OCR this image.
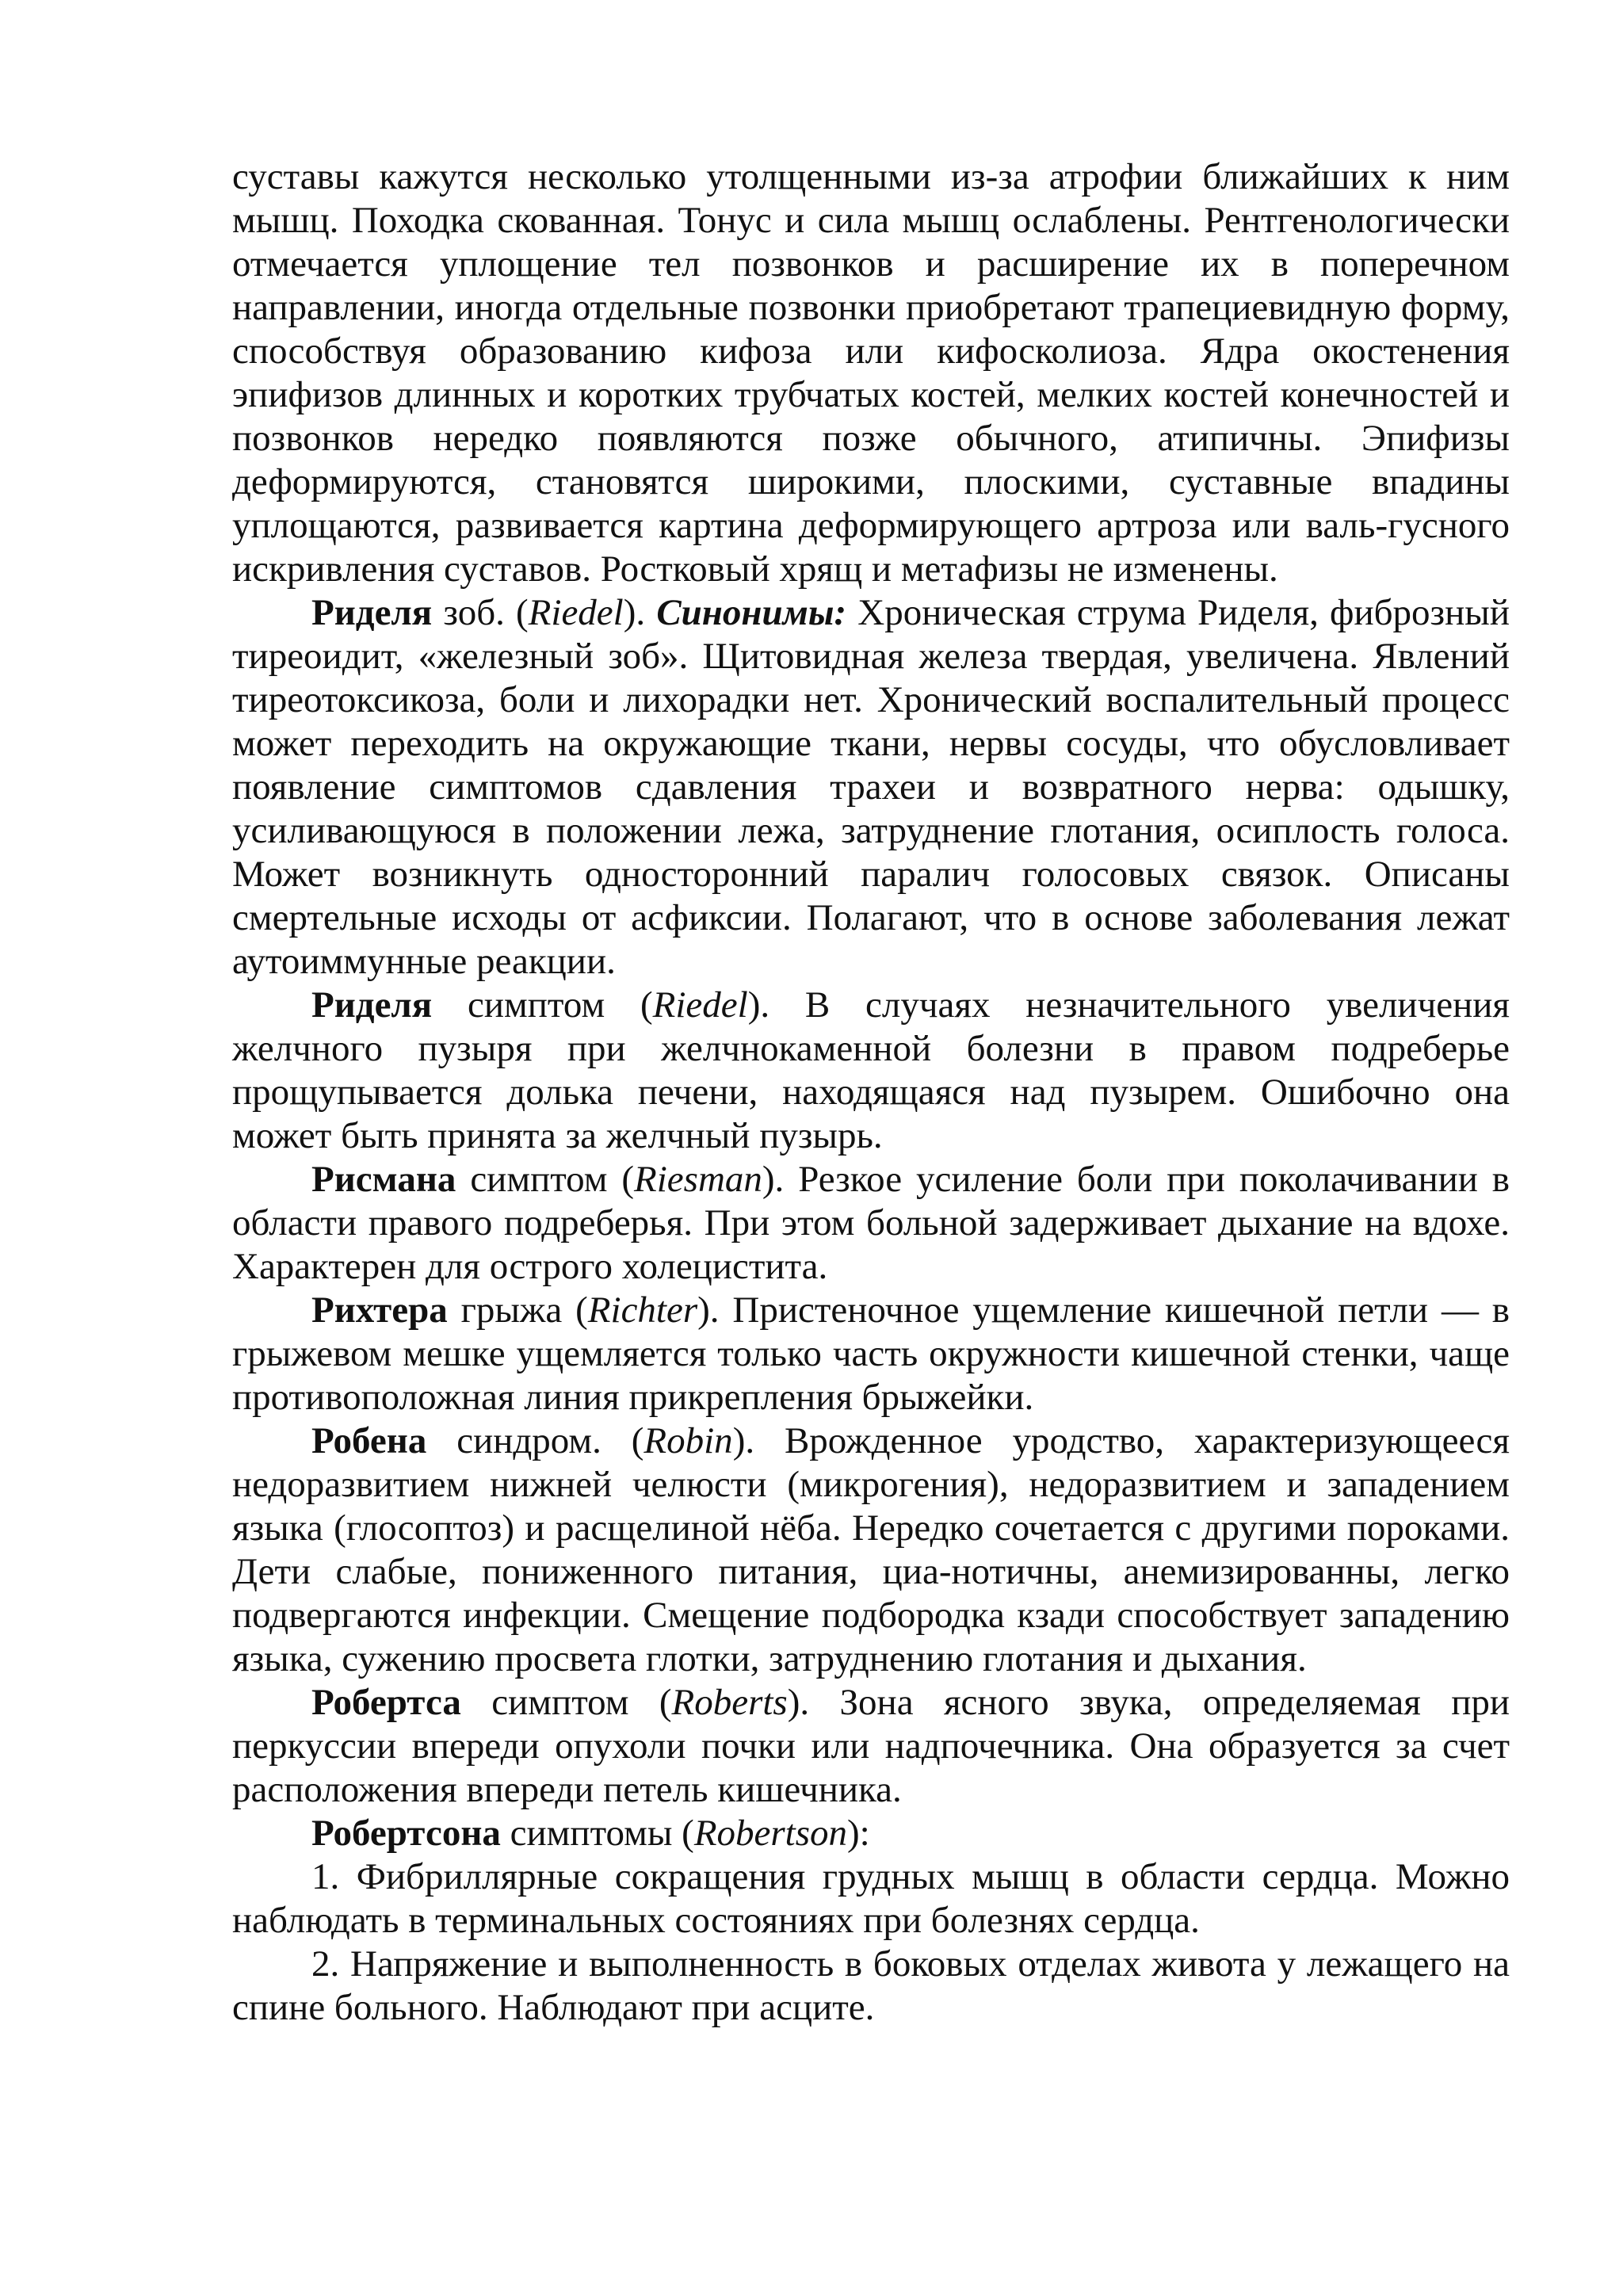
суставы кажутся несколько утолщенными из-за атрофии ближайших к ним мышц. Походка скованная. Тонус и сила мышц ослаблены. Рентгенологически отмечается уплощение тел позвонков и расширение их в поперечном направлении, иногда отдельные позвонки приобретают трапециевидную форму, способствуя образованию кифоза или кифосколиоза. Ядра окостенения эпифизов длинных и коротких трубчатых костей, мелких костей конечностей и позвонков нередко появляются позже обычного, атипичны. Эпифизы деформируются, становятся широкими, плоскими, суставные впадины уплощаются, развивается картина деформирующего артроза или валь-гусного искривления суставов. Ростковый хрящ и метафизы не изменены.

Риделя зоб. (Riedel). Синонимы: Хроническая струма Риделя, фиброзный тиреоидит, «железный зоб». Щитовидная железа твердая, увеличена. Явлений тиреотоксикоза, боли и лихорадки нет. Хронический воспалительный процесс может переходить на окружающие ткани, нервы сосуды, что обусловливает появление симптомов сдавления трахеи и возвратного нерва: одышку, усиливающуюся в положении лежа, затруднение глотания, осиплость голоса. Может возникнуть односторонний паралич голосовых связок. Описаны смертельные исходы от асфиксии. Полагают, что в основе заболевания лежат аутоиммунные реакции.

Риделя симптом (Riedel). В случаях незначительного увеличения желчного пузыря при желчнокаменной болезни в правом подреберье прощупывается долька печени, находящаяся над пузырем. Ошибочно она может быть принята за желчный пузырь.

Рисмана симптом (Riesman). Резкое усиление боли при поколачивании в области правого подреберья. При этом больной задерживает дыхание на вдохе. Характерен для острого холецистита.

Рихтера грыжа (Richter). Пристеночное ущемление кишечной петли — в грыжевом мешке ущемляется только часть окружности кишечной стенки, чаще противоположная линия прикрепления брыжейки.

Робена синдром. (Robin). Врожденное уродство, характеризующееся недоразвитием нижней челюсти (микрогения), недоразвитием и западением языка (глосоптоз) и расщелиной нёба. Нередко сочетается с другими пороками. Дети слабые, пониженного питания, циа-нотичны, анемизированны, легко подвергаются инфекции. Смещение подбородка кзади способствует западению языка, сужению просвета глотки, затруднению глотания и дыхания.

Робертса симптом (Roberts). Зона ясного звука, определяемая при перкуссии впереди опухоли почки или надпочечника. Она образуется за счет расположения впереди петель кишечника.

Робертсона симптомы (Robertson):

1. Фибриллярные сокращения грудных мышц в области сердца. Можно наблюдать в терминальных состояниях при болезнях сердца.

2. Напряжение и выполненность в боковых отделах живота у лежащего на спине больного. Наблюдают при асците.
